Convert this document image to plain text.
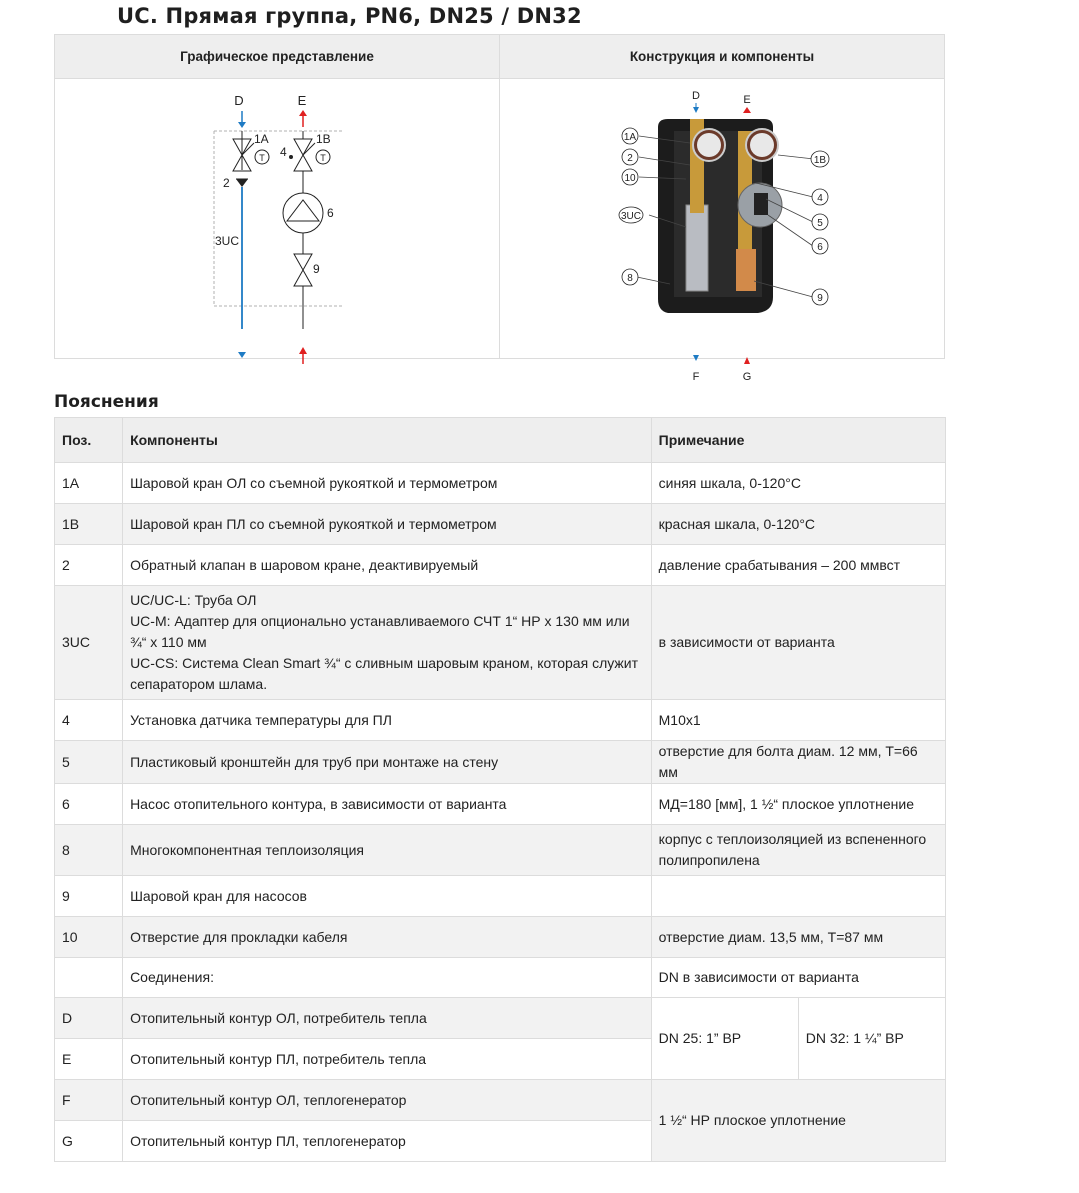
UC. Прямая группа, PN6, DN25 / DN32
Графическое представление	Конструкция и компоненты
D	E
T
1A
2
3UC
T
1B
4
6
9
D	E
F	G
1A
2
10
3UC
8
1B
4
5
6
9
Пояснения
Поз.	Компоненты	Примечание	
1A	Шаровой кран ОЛ со съемной рукояткой и термометром	синяя шкала, 0-120°C	
1B	Шаровой кран ПЛ со съемной рукояткой и термометром	красная шкала, 0-120°C	
2	Обратный клапан в шаровом кране, деактивируемый	давление срабатывания – 200 ммвст	
3UC	UC/UC-L: Труба ОЛ
UC-M: Адаптер для опционально устанавливаемого СЧТ 1“ НР x 130 мм или ¾“ x 110 мм
UC-CS: Система Clean Smart ¾“ с сливным шаровым краном, которая служит сепаратором шлама.	в зависимости от варианта	
4	Установка датчика температуры для ПЛ	M10x1	
5	Пластиковый кронштейн для труб при монтаже на стену	отверстие для болта диам. 12 мм, T=66 мм	
6	Насос отопительного контура, в зависимости от варианта	МД=180 [мм], 1 ½“ плоское уплотнение	
8	Многокомпонентная теплоизоляция	корпус с теплоизоляцией из вспененного полипропилена	
9	Шаровой кран для насосов		
10	Отверстие для прокладки кабеля	отверстие диам. 13,5 мм, T=87 мм	
	Соединения:	DN в зависимости от варианта	
D	Отопительный контур ОЛ, потребитель тепла	DN 25: 1” ВР	DN 32: 1 ¼” ВР
E	Отопительный контур ПЛ, потребитель тепла		
F	Отопительный контур ОЛ, теплогенератор	1 ½“ НР плоское уплотнение	
G	Отопительный контур ПЛ, теплогенератор		
